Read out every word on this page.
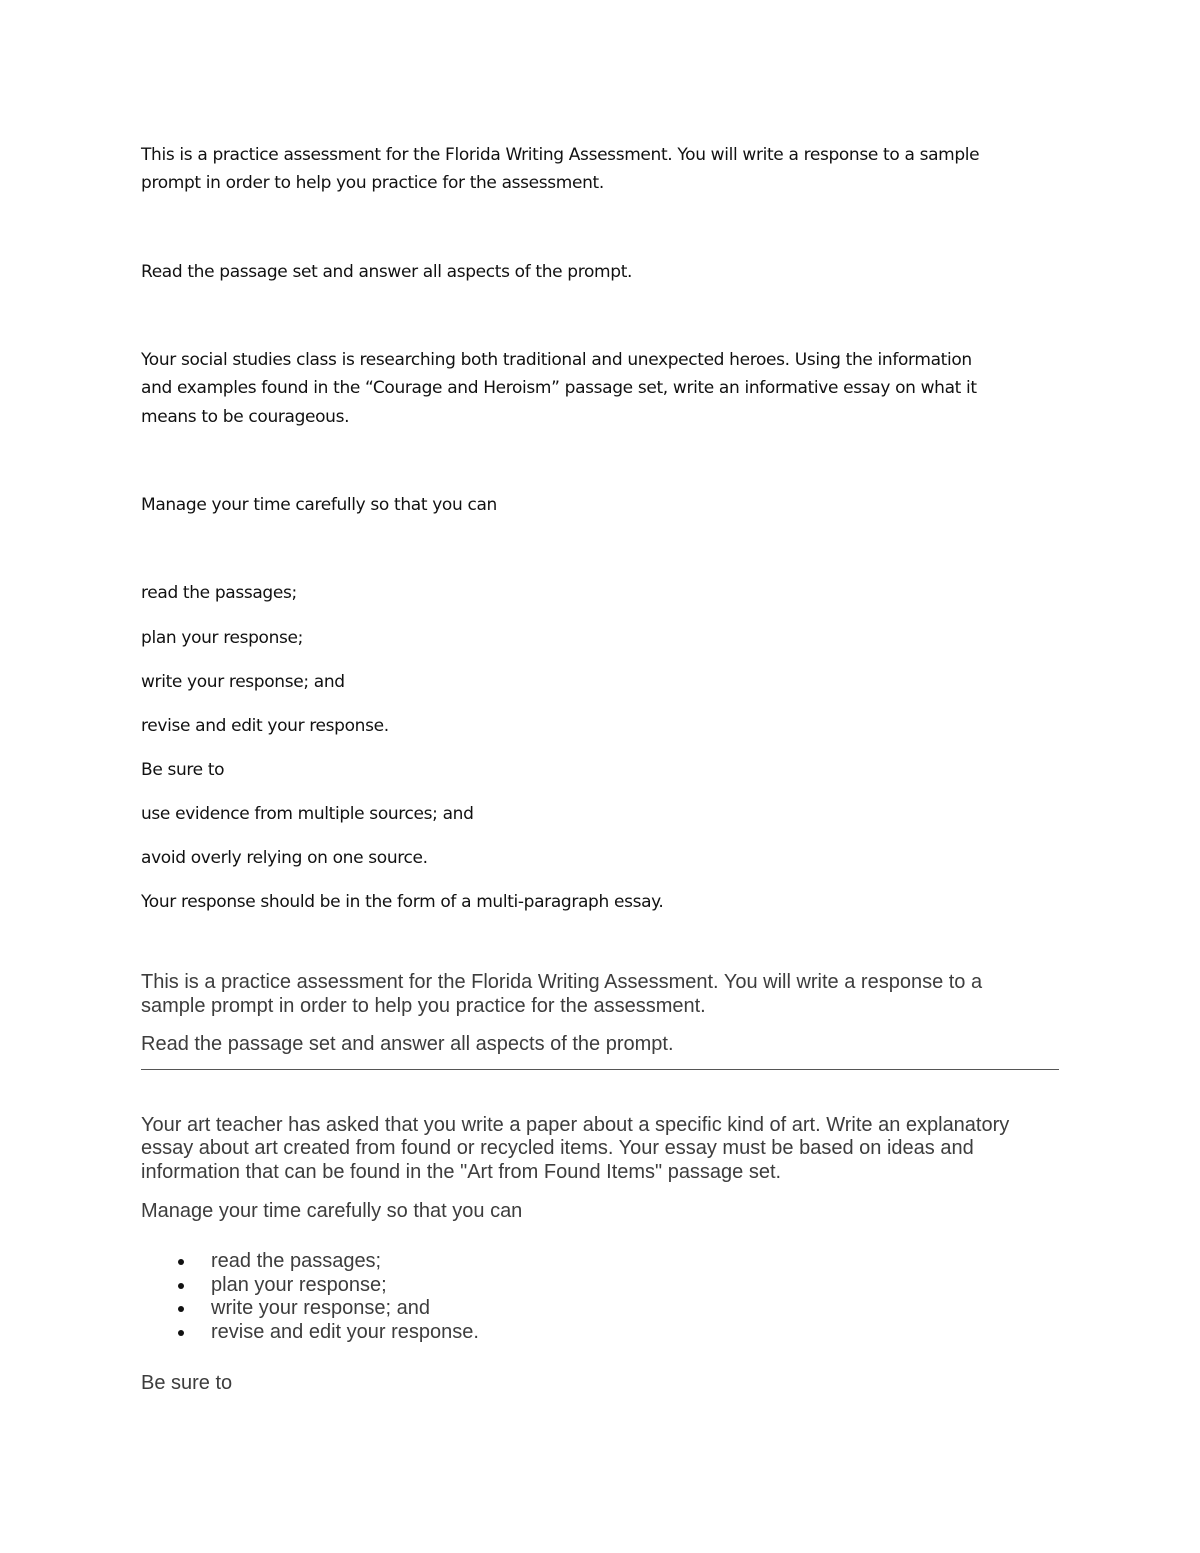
This is a practice assessment for the Florida Writing Assessment. You will write a response to a sample

prompt in order to help you practice for the assessment.

Read the passage set and answer all aspects of the prompt.

Your social studies class is researching both traditional and unexpected heroes. Using the information

and examples found in the “Courage and Heroism” passage set, write an informative essay on what it

means to be courageous.

Manage your time carefully so that you can

read the passages;

plan your response;

write your response; and

revise and edit your response.

Be sure to

use evidence from multiple sources; and

avoid overly relying on one source.

Your response should be in the form of a multi-paragraph essay.

This is a practice assessment for the Florida Writing Assessment. You will write a response to a

sample prompt in order to help you practice for the assessment.

Read the passage set and answer all aspects of the prompt.

Your art teacher has asked that you write a paper about a specific kind of art. Write an explanatory

essay about art created from found or recycled items. Your essay must be based on ideas and

information that can be found in the "Art from Found Items" passage set.

Manage your time carefully so that you can

read the passages;
plan your response;
write your response; and
revise and edit your response.

Be sure to
